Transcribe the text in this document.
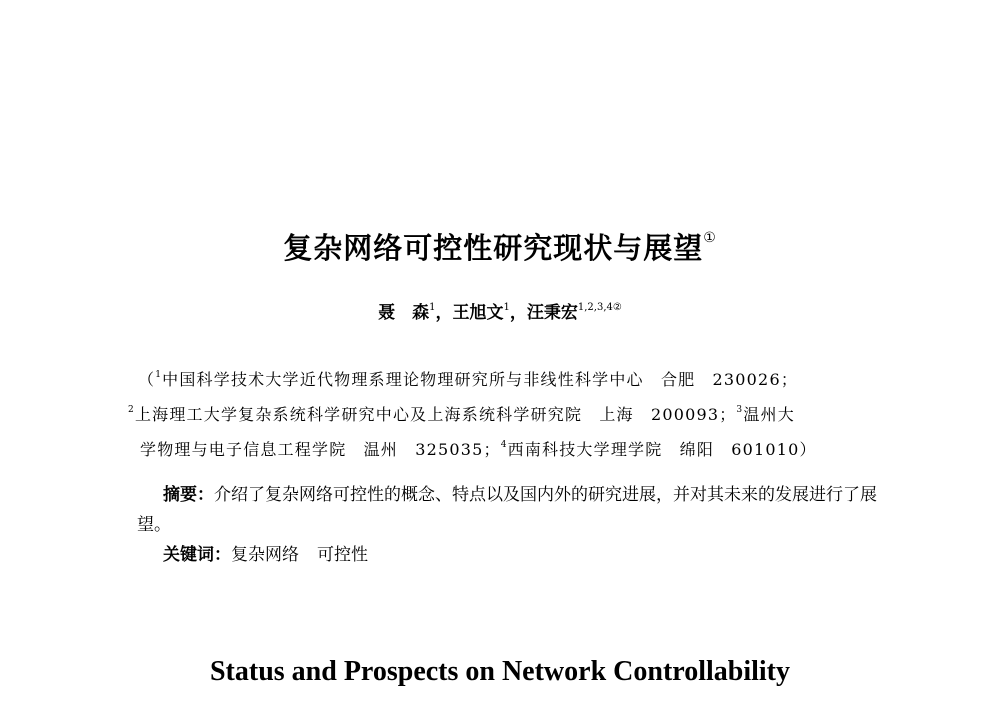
复杂网络可控性研究现状与展望①
聂　森$^1$，王旭文$^1$，汪秉宏$^{1,2,3,4②}$
（$^1$中国科学技术大学近代物理系理论物理研究所与非线性科学中心　合肥　230026；
$^2$上海理工大学复杂系统科学研究中心及上海系统科学研究院　上海　200093；$^3$温州大
学物理与电子信息工程学院　温州　325035；$^4$西南科技大学理学院　绵阳　601010）
摘要：介绍了复杂网络可控性的概念、特点以及国内外的研究进展，并对其未来的发展进行了展望。
关键词：复杂网络 可控性
Status and Prospects on Network Controllability
